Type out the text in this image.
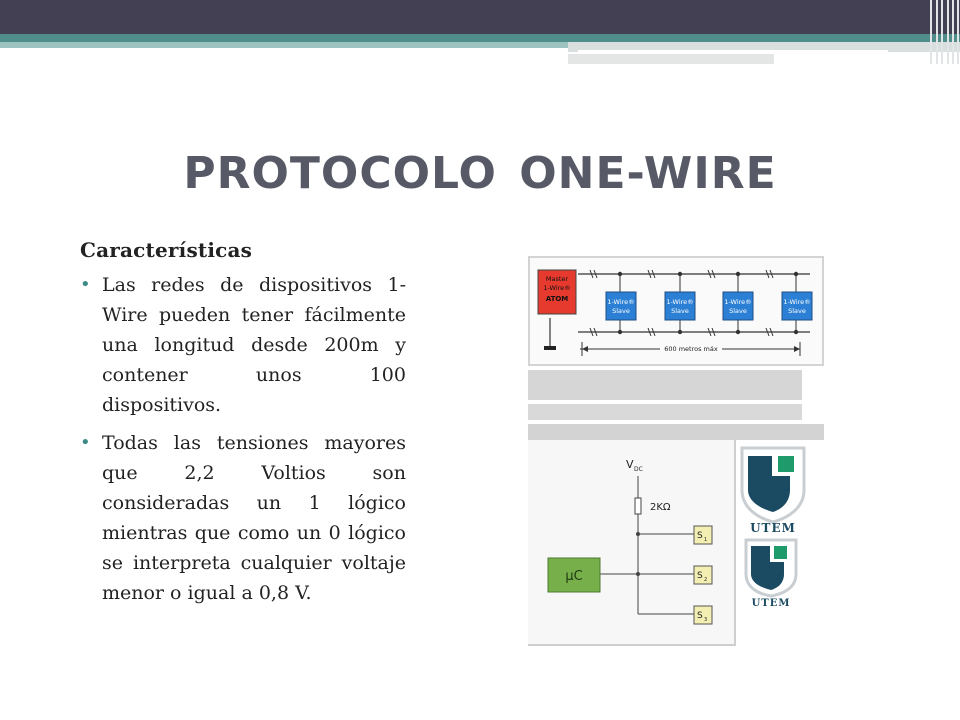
PROTOCOLO ONE-WIRE

Características

• Las redes de dispositivos 1-Wire pueden tener fácilmente una longitud desde 200m y contener unos 100 dispositivos.
• Todas las tensiones mayores que 2,2 Voltios son consideradas un 1 lógico mientras que como un 0 lógico se interpreta cualquier voltaje menor o igual a 0,8 V.
Master
1-Wire®
ATOM	1-Wire®
Slave
1-Wire®
Slave
1-Wire®
Slave
1-Wire®
Slave
600 metros máx
V DC
2KΩ
µC
S 1
S 2
S 3
UTEM
UTEM
